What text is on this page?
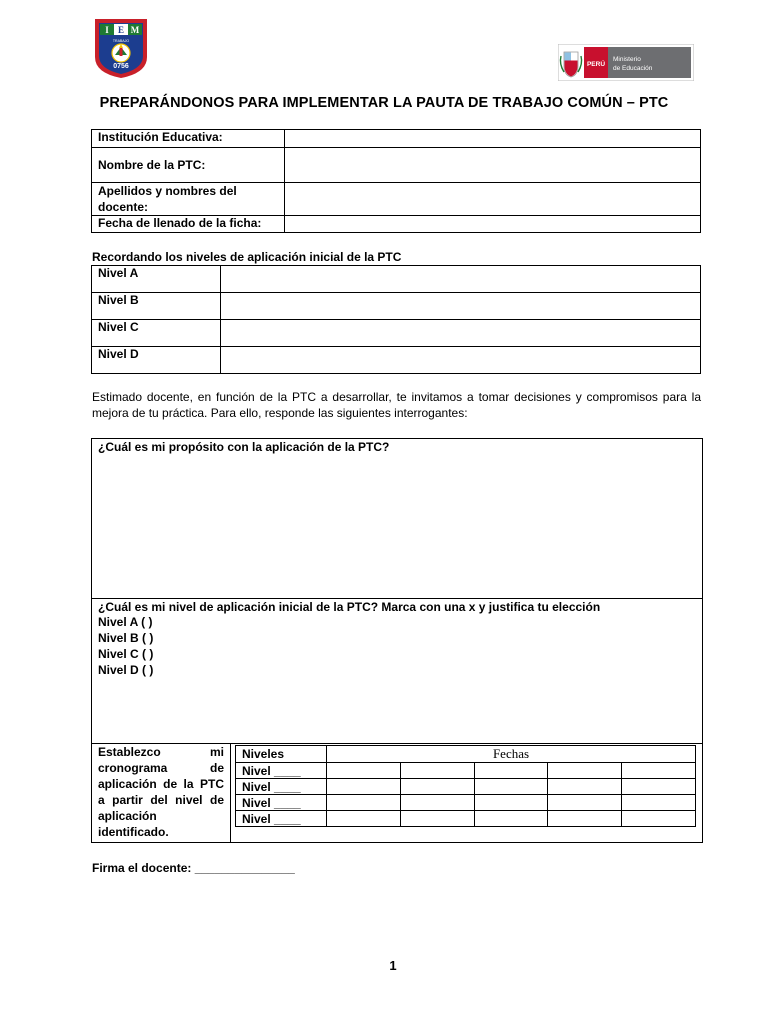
I E M
TRABAJO
0756	PERÚ
Ministerio
de Educación
PREPARÁNDONOS PARA IMPLEMENTAR LA PAUTA DE TRABAJO COMÚN – PTC
Institución Educativa:	
Nombre de la PTC:	
Apellidos y nombres del docente:	
Fecha de llenado de la ficha:	
Recordando los niveles de aplicación inicial de la PTC
Nivel A	
Nivel B	
Nivel C	
Nivel D	
Estimado docente, en función de la PTC a desarrollar, te invitamos a tomar decisiones y compromisos para la mejora de tu práctica. Para ello, responde las siguientes interrogantes:
¿Cuál es mi propósito con la aplicación de la PTC?

¿Cuál es mi nivel de aplicación inicial de la PTC? Marca con una x y justifica tu elección
Nivel A ( )
Nivel B ( )
Nivel C ( )
Nivel D ( )

Establezco mi cronograma de aplicación de la PTC a partir del nivel de aplicación identificado.

Niveles	Fechas
Nivel ____					
Nivel ____					
Nivel ____					
Nivel ____					
Firma el docente: _______________
1
